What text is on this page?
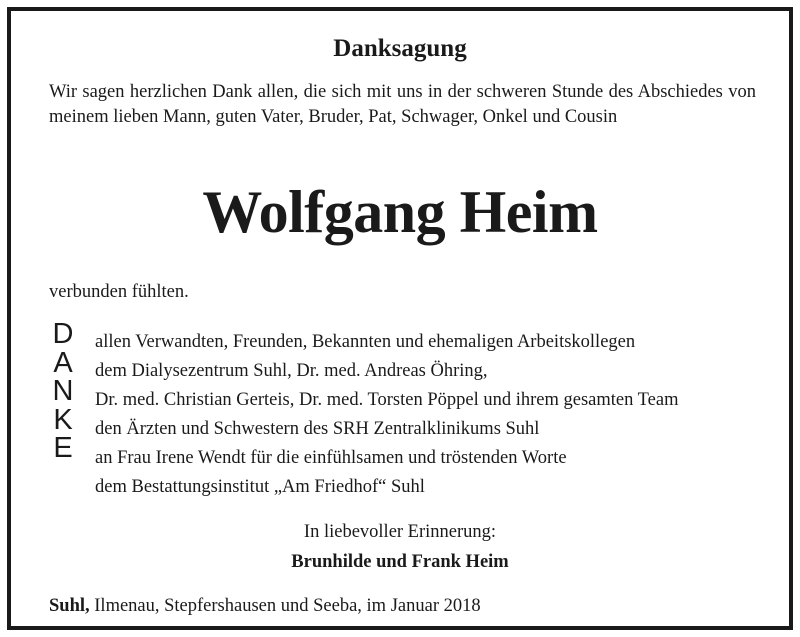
Danksagung

Wir sagen herzlichen Dank allen, die sich mit uns in der schweren Stunde des Abschiedes von meinem lieben Mann, guten Vater, Bruder, Pat, Schwager, Onkel und Cousin

Wolfgang Heim

verbunden fühlten.

D
A
N
K
E
allen Verwandten, Freunden, Bekannten und ehemaligen Arbeitskollegen
dem Dialysezentrum Suhl, Dr. med. Andreas Öhring,
Dr. med. Christian Gerteis, Dr. med. Torsten Pöppel und ihrem gesamten Team
den Ärzten und Schwestern des SRH Zentralklinikums Suhl
an Frau Irene Wendt für die einfühlsamen und tröstenden Worte
dem Bestattungsinstitut „Am Friedhof“ Suhl

In liebevoller Erinnerung:

Brunhilde und Frank Heim

Suhl, Ilmenau, Stepfershausen und Seeba, im Januar 2018
